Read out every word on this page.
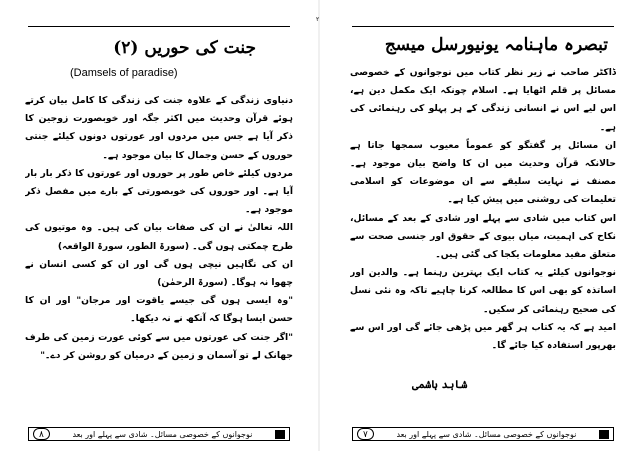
(۲) جنت کی حوریں
(Damsels of paradise)

دنیاوی زندگی کے علاوہ جنت کی زندگی کا کامل بیان کرتے ہوئے قرآن وحدیث میں اکثر جگہ اور خوبصورت زوجین کا ذکر آیا ہے جس میں مردوں اور عورتوں دونوں کیلئے جنتی حوروں کے حسن وجمال کا بیان موجود ہے۔

مردوں کیلئے خاص طور پر حوروں اور عورتوں کا ذکر بار بار آیا ہے۔ اور حوروں کی خوبصورتی کے بارے میں مفصل ذکر موجود ہے۔

اللہ تعالیٰ نے ان کی صفات بیان کی ہیں۔ وہ موتیوں کی طرح چمکتی ہوں گی۔ (سورۃ الطور، سورۃ الواقعہ)

ان کی نگاہیں نیچی ہوں گی اور ان کو کسی انسان نے چھوا نہ ہوگا۔ (سورۃ الرحمٰن)

"وہ ایسی ہوں گی جیسے یاقوت اور مرجان" اور ان کا حسن ایسا ہوگا کہ آنکھ نے نہ دیکھا۔

"اگر جنت کی عورتوں میں سے کوئی عورت زمین کی طرف جھانک لے تو آسمان و زمین کے درمیان کو روشن کر دے۔"

۸	نوجوانوں کے خصوصی مسائل۔ شادی سے پہلے اور بعد
۲
تبصرہ ماہنامہ یونیورسل میسج

ڈاکٹر صاحب نے زیر نظر کتاب میں نوجوانوں کے خصوصی مسائل پر قلم اٹھایا ہے۔ اسلام چونکہ ایک مکمل دین ہے، اس لیے اس نے انسانی زندگی کے ہر پہلو کی رہنمائی کی ہے۔

ان مسائل پر گفتگو کو عموماً معیوب سمجھا جاتا ہے حالانکہ قرآن وحدیث میں ان کا واضح بیان موجود ہے۔ مصنف نے نہایت سلیقے سے ان موضوعات کو اسلامی تعلیمات کی روشنی میں پیش کیا ہے۔

اس کتاب میں شادی سے پہلے اور شادی کے بعد کے مسائل، نکاح کی اہمیت، میاں بیوی کے حقوق اور جنسی صحت سے متعلق مفید معلومات یکجا کی گئی ہیں۔

نوجوانوں کیلئے یہ کتاب ایک بہترین رہنما ہے۔ والدین اور اساتذہ کو بھی اس کا مطالعہ کرنا چاہیے تاکہ وہ نئی نسل کی صحیح رہنمائی کر سکیں۔

امید ہے کہ یہ کتاب ہر گھر میں پڑھی جائے گی اور اس سے بھرپور استفادہ کیا جائے گا۔

شاہد ہاشمی
۷	نوجوانوں کے خصوصی مسائل۔ شادی سے پہلے اور بعد
